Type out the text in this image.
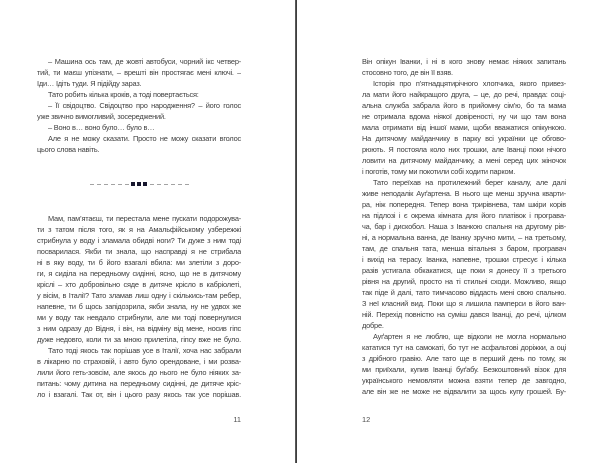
– Машина ось там, де жовті автобуси, чорний ікс четвер-
тий, ти маєш упізнати, – врешті він простягає мені ключі. –
Іди… Ідіть туди. Я підійду зараз.
Тато робить кілька кроків, а тоді повертається:
– Її свідоцтво. Свідоцтво про народження? – його голос
уже звично вимогливий, зосереджений.
– Воно в… воно було… було в…
Але я не можу сказати. Просто не можу сказати вголос
цього слова навіть.
Мам, пам’ятаєш, ти перестала мене пускати подорожува-
ти з татом після того, як я на Амальфійському узбережжі
стрибнула у воду і зламала обидві ноги? Ти дуже з ним тоді
посварилася. Якби ти знала, що насправді я не стрибала
ні в яку воду, ти б його взагалі вбила: ми злетіли з доро-
ги, я сиділа на передньому сидінні, ясно, що не в дитячому
кріслі – хто добровільно сяде в дитяче крісло в кабріолеті,
у вісім, в Італії? Тато зламав лиш одну і скількись-там ребер,
напевне, ти б щось запідозрила, якби знала, ну не удвох же
ми у воду так невдало стрибнули, але ми тоді повернулися
з ним одразу до Відня, і він, на відміну від мене, носив гіпс
дуже недовго, коли ти за мною прилетіла, гіпсу вже не було.
Тато тоді якось так порішав усе в Італії, хоча нас забрали
в лікарню по страховій, і авто було орендоване, і ми розва-
лили його геть-зовсім, але якось до нього не було ніяких за-
питань: чому дитина на передньому сидінні, де дитяче кріс-
ло і взагалі. Так от, він і цього разу якось так усе порішав.
11
Він опікун Іванки, і ні в кого знову немає ніяких запитань
стосовно того, де він її взяв.
Історія про п’ятнадцятирічного хлопчика, якого привез-
ла мати його найкращого друга, – це, до речі, правда: соці-
альна служба забрала його в прийомну сім’ю, бо та мама
не отримала вдома ніякої довіреності, ну чи що там вона
мала отримати від іншої мами, щоби вважатися опікункою.
На дитячому майданчику в парку всі українки це обгово-
рюють. Я постояла коло них трошки, але Іванці поки нічого
ловити на дитячому майданчику, а мені серед цих жіночок
і поготів, тому ми покотили собі ходити парком.
Тато переїхав на протилежний берег каналу, але далі
живе неподалік Ауґартена. В нього ще менш зручна кварти-
ра, ніж попередня. Тепер вона трирівнева, там шкіри корів
на підлозі і є окрема кімната для його платівок і програва-
ча, бар і дискобол. Наша з Іванкою спальня на другому рів-
ні, а нормальна ванна, де Іванку зручно мити, – на третьому,
там, де спальня тата, менша вітальня з баром, програвач
і вихід на терасу. Іванка, напевне, трошки стресує і кілька
разів устигала обкакатися, ще поки я донесу її з третього
рівня на другий, просто на ті стильні сходи. Можливо, якщо
так піде й далі, тато тимчасово віддасть мені свою спальню.
З неї класний вид. Поки що я лишила памперси в його ван-
ній. Перехід повністю на суміш дався Іванці, до речі, цілком
добре.
Ауґартен я не люблю, ще відколи не могла нормально
кататися тут на самокаті, бо тут не асфальтові доріжки, а оці
з дрібного гравію. Але тато ще в перший день по тому, як
ми приїхали, купив Іванці буґабу. Безкоштовний візок для
українського немовляти можна взяти тепер де завгодно,
але він же не може не відвалити за щось купу грошей. Бу-
12
